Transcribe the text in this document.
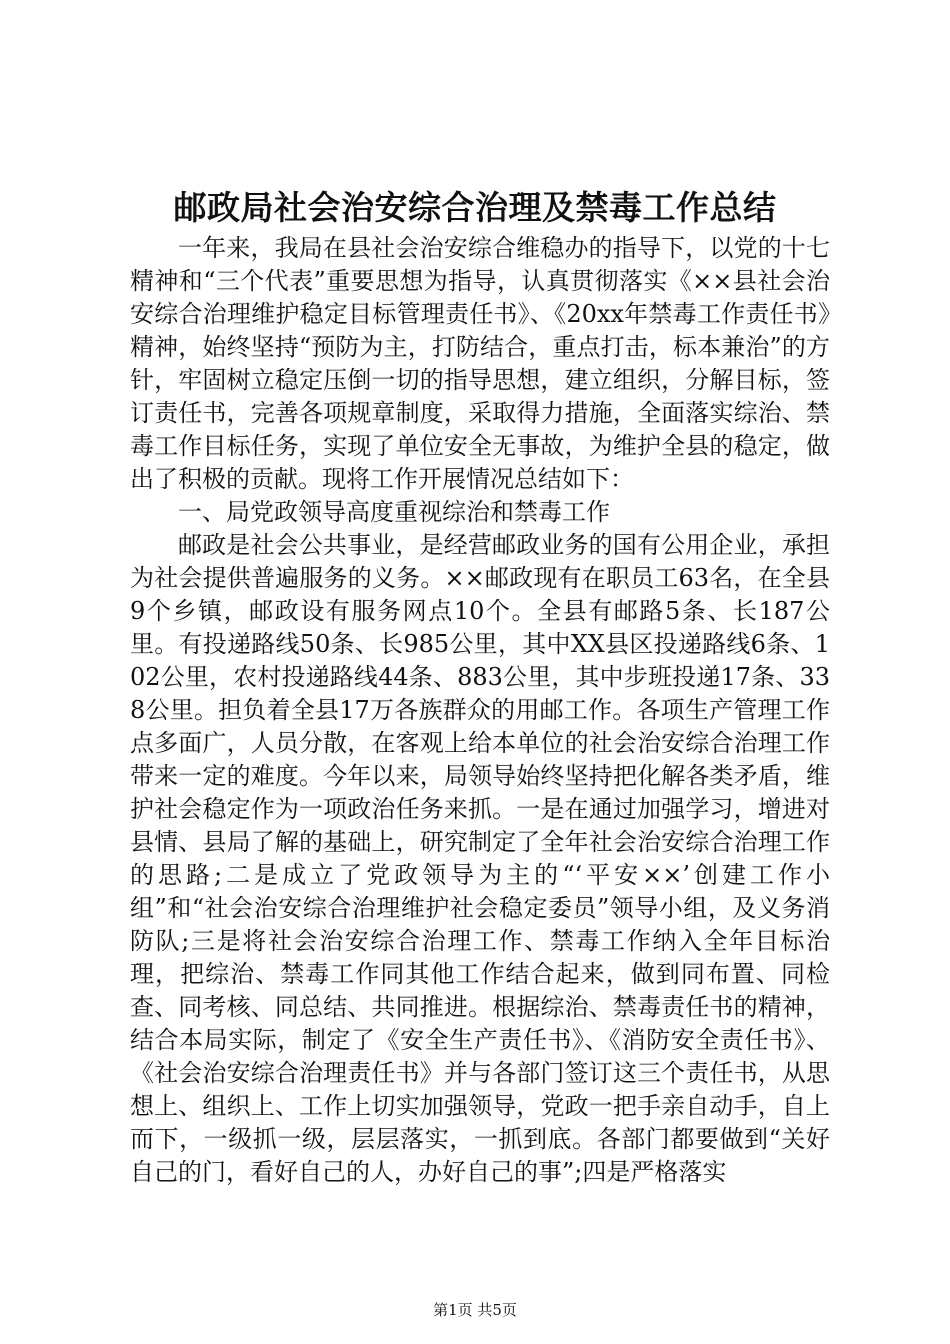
邮政局社会治安综合治理及禁毒工作总结

一年来，我局在县社会治安综合维稳办的指导下，以党的十七精神和“三个代表”重要思想为指导，认真贯彻落实《××县社会治安综合治理维护稳定目标管理责任书》、《20xx年禁毒工作责任书》精神，始终坚持“预防为主，打防结合，重点打击，标本兼治”的方针，牢固树立稳定压倒一切的指导思想，建立组织，分解目标，签订责任书，完善各项规章制度，采取得力措施，全面落实综治、禁毒工作目标任务，实现了单位安全无事故，为维护全县的稳定，做出了积极的贡献。现将工作开展情况总结如下：

一、局党政领导高度重视综治和禁毒工作

邮政是社会公共事业，是经营邮政业务的国有公用企业，承担为社会提供普遍服务的义务。××邮政现有在职员工63名，在全县9个乡镇，邮政设有服务网点10个。全县有邮路5条、长187公里。有投递路线50条、长985公里，其中XX县区投递路线6条、102公里，农村投递路线44条、883公里，其中步班投递17条、338公里。担负着全县17万各族群众的用邮工作。各项生产管理工作点多面广，人员分散，在客观上给本单位的社会治安综合治理工作带来一定的难度。今年以来，局领导始终坚持把化解各类矛盾，维护社会稳定作为一项政治任务来抓。一是在通过加强学习，增进对县情、县局了解的基础上，研究制定了全年社会治安综合治理工作的思路;二是成立了党政领导为主的“‘平安××’创建工作小组”和“社会治安综合治理维护社会稳定委员”领导小组，及义务消防队;三是将社会治安综合治理工作、禁毒工作纳入全年目标治理，把综治、禁毒工作同其他工作结合起来，做到同布置、同检查、同考核、同总结、共同推进。根据综治、禁毒责任书的精神，结合本局实际，制定了《安全生产责任书》、《消防安全责任书》、《社会治安综合治理责任书》并与各部门签订这三个责任书，从思想上、组织上、工作上切实加强领导，党政一把手亲自动手，自上而下，一级抓一级，层层落实，一抓到底。各部门都要做到“关好自己的门，看好自己的人，办好自己的事”;四是严格落实

第1页 共5页
